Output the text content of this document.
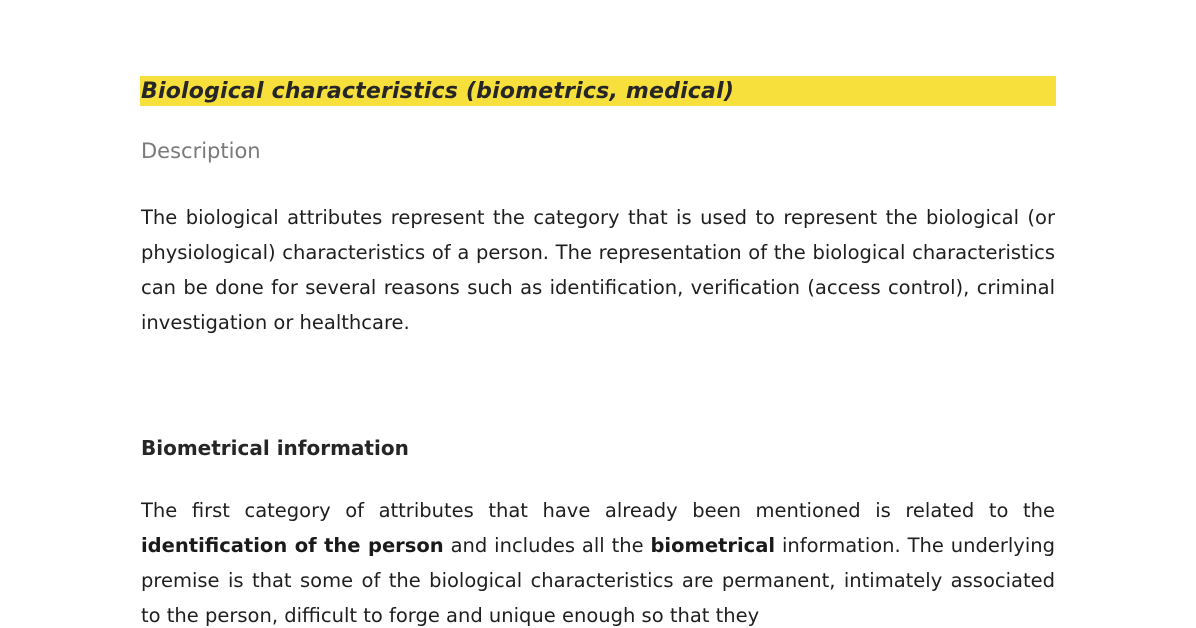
Biological characteristics (biometrics, medical)
Description

The biological attributes represent the category that is used to represent the biological (or physiological) characteristics of a person. The representation of the biological characteristics can be done for several reasons such as identification, verification (access control), criminal investigation or healthcare.

Biometrical information

The first category of attributes that have already been mentioned is related to the identification of the person and includes all the biometrical information. The underlying premise is that some of the biological characteristics are permanent, intimately associated to the person, difficult to forge and unique enough so that they
